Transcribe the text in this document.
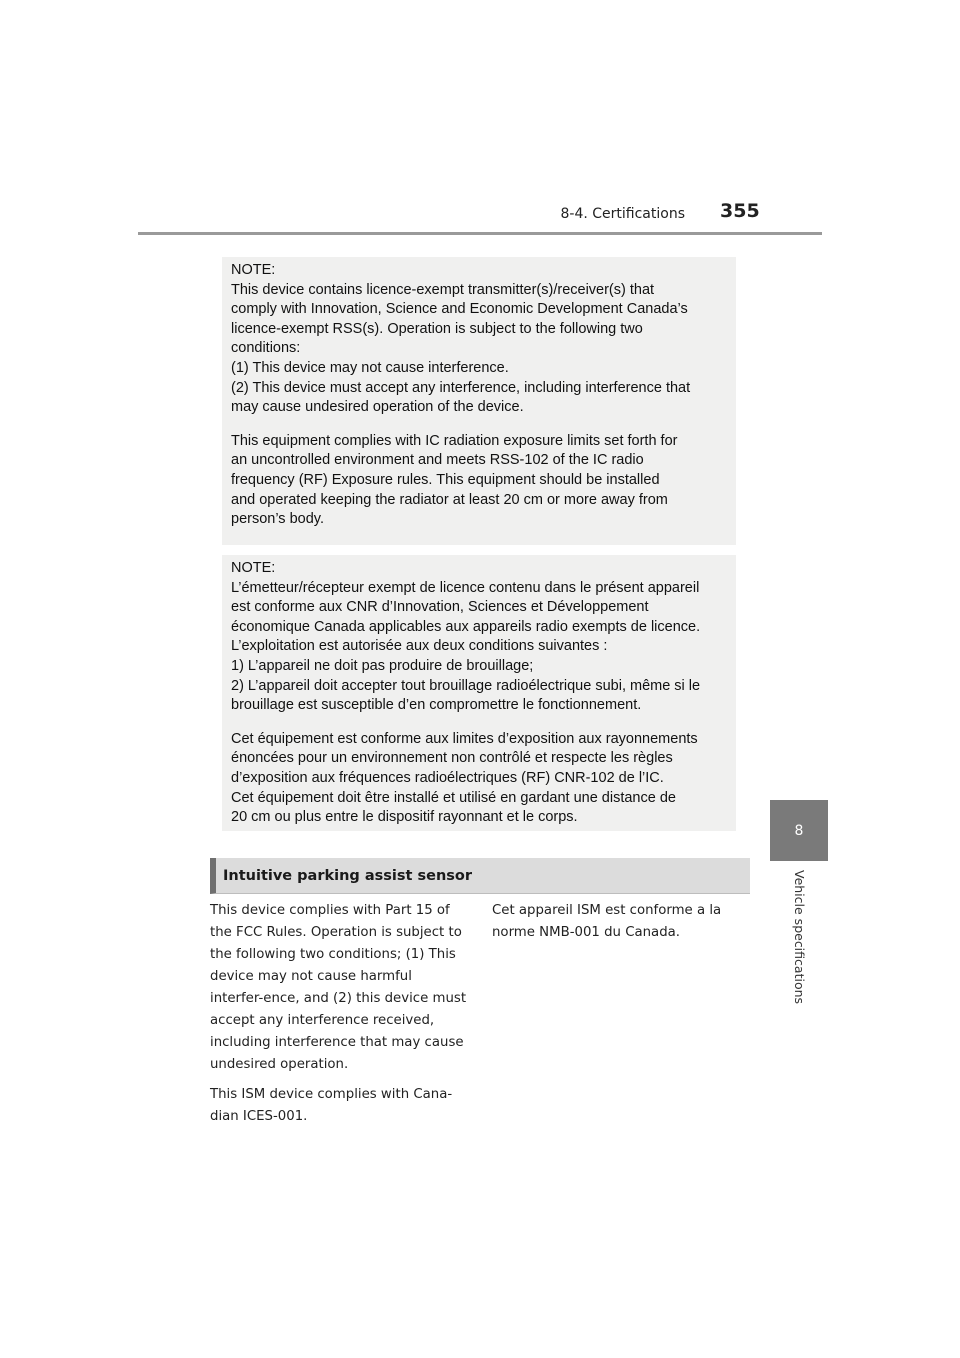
8-4. Certifications 355
8
Vehicle specifications

NOTE:

This device contains licence-exempt transmitter(s)/receiver(s) that
comply with Innovation, Science and Economic Development Canada’s
licence-exempt RSS(s). Operation is subject to the following two
conditions:
(1) This device may not cause interference.
(2) This device must accept any interference, including interference that
may cause undesired operation of the device.

This equipment complies with IC radiation exposure limits set forth for
an uncontrolled environment and meets RSS-102 of the IC radio
frequency (RF) Exposure rules. This equipment should be installed
and operated keeping the radiator at least 20 cm or more away from
person’s body.

NOTE:

L’émetteur/récepteur exempt de licence contenu dans le présent appareil
est conforme aux CNR d’Innovation, Sciences et Développement
économique Canada applicables aux appareils radio exempts de licence.
L’exploitation est autorisée aux deux conditions suivantes :
1) L’appareil ne doit pas produire de brouillage;
2) L’appareil doit accepter tout brouillage radioélectrique subi, même si le
brouillage est susceptible d’en compromettre le fonctionnement.

Cet équipement est conforme aux limites d’exposition aux rayonnements
énoncées pour un environnement non contrôlé et respecte les règles
d’exposition aux fréquences radioélectriques (RF) CNR-102 de l’IC.
Cet équipement doit être installé et utilisé en gardant une distance de
20 cm ou plus entre le dispositif rayonnant et le corps.

Intuitive parking assist sensor

This device complies with Part 15 of the FCC Rules. Operation is subject to the following two conditions; (1) This device may not cause harmful interfer-ence, and (2) this device must accept any interference received, including interference that may cause undesired operation.

This ISM device complies with Cana-dian ICES-001.

Cet appareil ISM est conforme a la norme NMB-001 du Canada.
